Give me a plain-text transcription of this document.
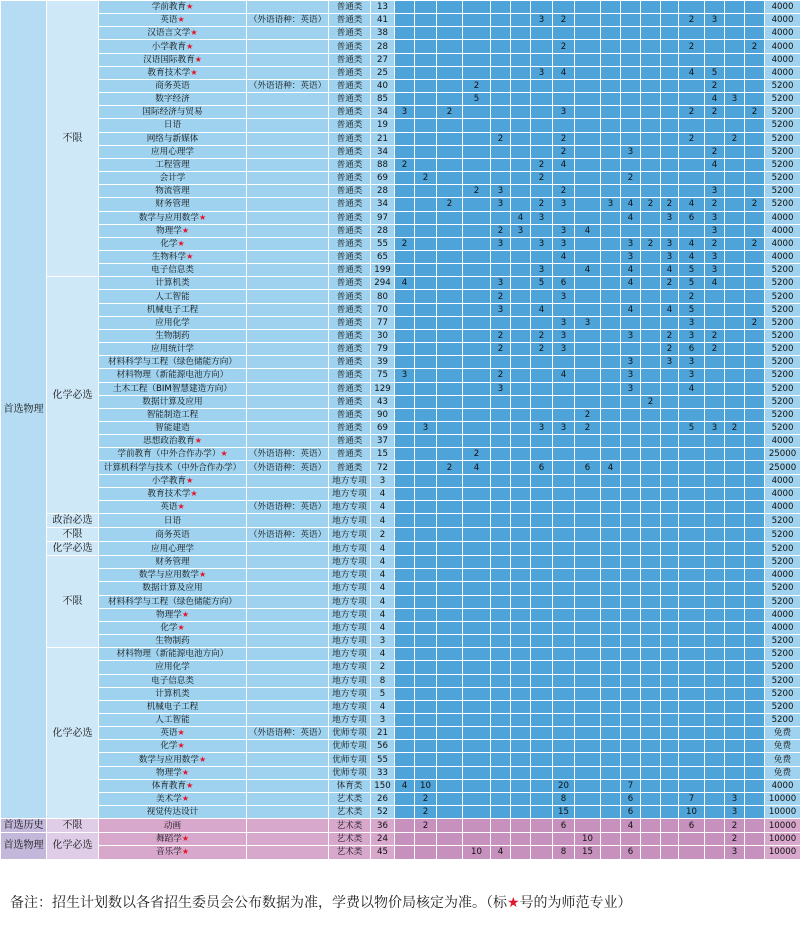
首选物理	不限	学前教育★		普通类	13																		4000
		英语★	（外语语种：英语）	普通类	41							3	2						2	3			4000
		汉语言文学★		普通类	38																		4000
		小学教育★		普通类	28								2						2			2	4000
		汉语国际教育★		普通类	27																		4000
		教育技术学★		普通类	25							3	4						4	5			4000
		商务英语	（外语语种：英语）	普通类	40				2											2			5200
		数字经济		普通类	85				5											4	3		5200
		国际经济与贸易		普通类	34	3		2					3						2	2		2	5200
		日语		普通类	19																		5200
		网络与新媒体		普通类	21					2			2						2		2		5200
		应用心理学		普通类	34								2			3				2			5200
		工程管理		普通类	88	2						2	4							4			5200
		会计学		普通类	69		2					2				2							5200
		物流管理		普通类	28				2	3			2							3			5200
		财务管理		普通类	34			2		3		2	3		3	4	2	2	4	2		2	5200
		数学与应用数学★		普通类	97						4	3				4		3	6	3			4000
		物理学★		普通类	28					2	3		3	4						3			4000
		化学★		普通类	55	2				3		3	3			3	2	3	4	2		2	4000
		生物科学★		普通类	65								4			3		3	4	3			4000
		电子信息类		普通类	199							3		4		4		4	5	3			5200
	化学必选	计算机类		普通类	294	4				3		5	6			4		2	5	4			5200
		人工智能		普通类	80					2			3						2				5200
		机械电子工程		普通类	70					3		4				4		4	5				5200
		应用化学		普通类	77								3	3					3			2	5200
		生物制药		普通类	30					2		2	3			3		2	3	2			5200
		应用统计学		普通类	79					2		2	3					2	6	2			5200
		材料科学与工程（绿色储能方向）		普通类	39											3		3	3				5200
		材料物理（新能源电池方向）		普通类	75	3				2			4			3			3				5200
		土木工程（BIM智慧建造方向）		普通类	129					3						3			4				5200
		数据计算及应用		普通类	43												2						5200
		智能制造工程		普通类	90									2									5200
		智能建造		普通类	69		3					3	3	2					5	3	2		5200
		思想政治教育★		普通类	37																		4000
		学前教育（中外合作办学）★	（外语语种：英语）	普通类	15				2														25000
		计算机科学与技术（中外合作办学）	（外语语种：英语）	普通类	72			2	4			6		6	4								25000
		小学教育★		地方专项	3																		4000
		教育技术学★		地方专项	4																		4000
		英语★	（外语语种：英语）	地方专项	4																		4000
	政治必选	日语		地方专项	4																		5200
	不限	商务英语	（外语语种：英语）	地方专项	2																		5200
	化学必选	应用心理学		地方专项	4																		5200
	不限	财务管理		地方专项	4																		5200
		数学与应用数学★		地方专项	4																		4000
		数据计算及应用		地方专项	4																		5200
		材料科学与工程（绿色储能方向）		地方专项	4																		5200
		物理学★		地方专项	4																		4000
		化学★		地方专项	4																		4000
		生物制药		地方专项	3																		5200
	化学必选	材料物理（新能源电池方向）		地方专项	4																		5200
		应用化学		地方专项	2																		5200
		电子信息类		地方专项	8																		5200
		计算机类		地方专项	5																		5200
		机械电子工程		地方专项	4																		5200
		人工智能		地方专项	3																		5200
		英语★	（外语语种：英语）	优师专项	21																		免费
		化学★		优师专项	56																		免费
		数学与应用数学★		优师专项	55																		免费
		物理学★		优师专项	33																		免费
		体育教育★		体育类	150	4	10						20			7							4000
		美术学★		艺术类	26		2						8			6			7		3		10000
		视觉传达设计		艺术类	52		2						15			6			10		3		10000
首选历史	不限	动画		艺术类	36		2						6			4			6		2		10000
首选物理	化学必选	舞蹈学★		艺术类	24									10							2		10000
		音乐学★		艺术类	45				10	4			8	15		6					3		10000
备注：招生计划数以各省招生委员会公布数据为准，学费以物价局核定为准。（标★号的为师范专业）
